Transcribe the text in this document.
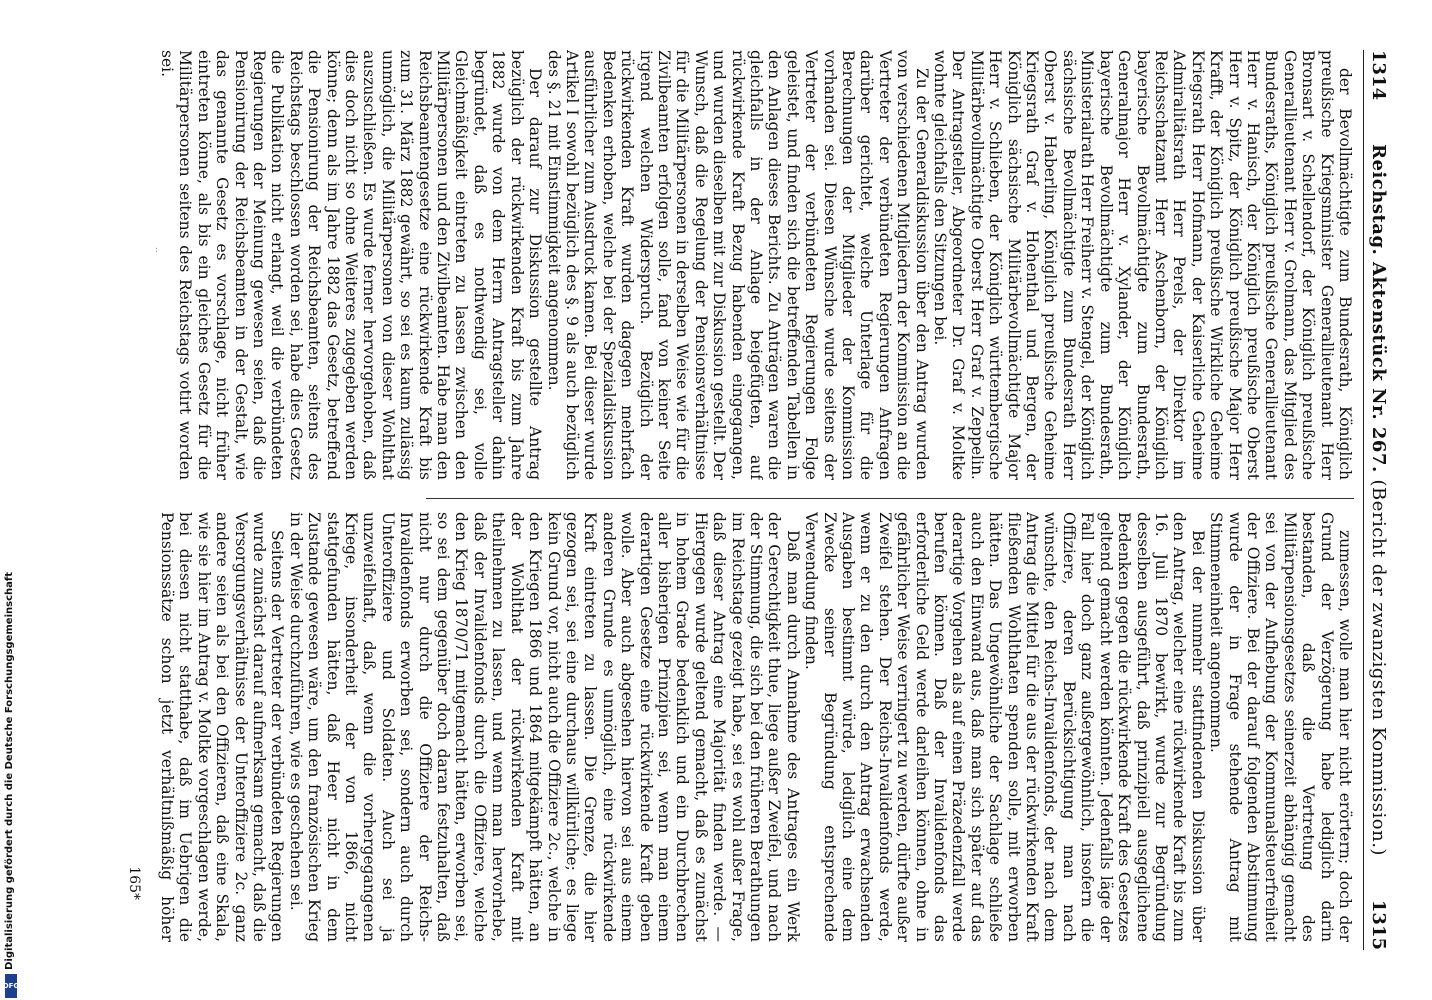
1314
Reichstag. Aktenstück Nr. 267. (Bericht der zwanzigsten Kommission.)
1315

der Bevollmächtigte zum Bundesrath, Königlich preußische Kriegsminister Generallieutenant Herr Bronsart v. Schellendorf, der Königlich preußische Generallieutenant Herr v. Grolmann, das Mitglied des Bundesraths, Königlich preußische Generallieutenant Herr v. Hanisch, der Königlich preußische Oberst Herr v. Spitz, der Königlich preußische Major Herr Krafft, der Königlich preußische Wirkliche Geheime Kriegsrath Herr Hofmann, der Kaiserliche Geheime Admiralitätsrath Herr Perels, der Direktor im Reichsschatzamt Herr Aschenborn, der Königlich bayerische Bevollmächtigte zum Bundesrath, Generalmajor Herr v. Xylander, der Königlich bayerische Bevollmächtigte zum Bundesrath, Ministerialrath Herr Freiherr v. Stengel, der Königlich sächsische Bevollmächtigte zum Bundesrath Herr Oberst v. Haberling, Königlich preußische Geheime Kriegsrath Graf v. Hohenthal und Bergen, der Königlich sächsische Militärbevollmächtigte Major Herr v. Schlieben, der Königlich württembergische Militärbevollmächtigte Oberst Herr Graf v. Zeppelin. Der Antragsteller, Abgeordneter Dr. Graf v. Moltke wohnte gleichfalls den Sitzungen bei.

Zu der Generaldiskussion über den Antrag wurden von verschiedenen Mitgliedern der Kommission an die Vertreter der verbündeten Regierungen Anfragen darüber gerichtet, welche Unterlage für die Berechnungen der Mitglieder der Kommission vorhanden sei. Diesen Wünsche wurde seitens der Vertreter der verbündeten Regierungen Folge geleistet, und finden sich die betreffenden Tabellen in den Anlagen dieses Berichts. Zu Anträgen waren die gleichfalls in der Anlage beigefügten, auf rückwirkende Kraft Bezug habenden eingegangen, und wurden dieselben mit zur Diskussion gestellt. Der Wunsch, daß die Regelung der Pensionsverhältnisse für die Militärpersonen in derselben Weise wie für die Zivilbeamten erfolgen solle, fand von keiner Seite irgend welchen Widerspruch. Bezüglich der rückwirkenden Kraft wurden dagegen mehrfach Bedenken erhoben, welche bei der Spezialdiskussion ausführlicher zum Ausdruck kamen. Bei dieser wurde Artikel I sowohl bezüglich des §. 9 als auch bezüglich des §. 21 mit Einstimmigkeit angenommen.

Der darauf zur Diskussion gestellte Antrag bezüglich der rückwirkenden Kraft bis zum Jahre 1882 wurde von dem Herrn Antragsteller dahin begründet, daß es nothwendig sei, volle Gleichmäßigkeit eintreten zu lassen zwischen den Militärpersonen und den Zivilbeamten. Habe man den Reichsbeamtengesetze eine rückwirkende Kraft bis zum 31. März 1882 gewährt, so sei es kaum zulässig unmöglich, die Militärpersonen von dieser Wohlthat auszuschließen. Es wurde ferner hervorgehoben, daß dies doch nicht so ohne Weiteres zugegeben werden könne; denn als im Jahre 1882 das Gesetz, betreffend die Pensionirung der Reichsbeamten, seitens des Reichstags beschlossen worden sei, habe dies Gesetz die Publikation nicht erlangt, weil die verbündeten Regierungen der Meinung gewesen seien, daß die Pensionirung der Reichsbeamten in der Gestalt, wie das genannte Gesetz es vorschlage, nicht früher eintreten könne, als bis ein gleiches Gesetz für die Militärpersonen seitens des Reichstags votirt worden sei.

zumessen, wolle man hier nicht erörtern; doch der Grund der Verzögerung habe lediglich darin bestanden, daß die Vertretung des Militärpensionsgesetzes seinerzeit abhängig gemacht sei von der Aufhebung der Kommunalsteuerfreiheit der Offiziere. Bei der darauf folgenden Abstimmung wurde der in Frage stehende Antrag mit Stimmeneinheit angenommen.

Bei der nunmehr stattfindenden Diskussion über den Antrag, welcher eine rückwirkende Kraft bis zum 16. Juli 1870 bewirkt, wurde zur Begründung desselben ausgeführt, daß prinzipiell ausgeglichene Bedenken gegen die rückwirkende Kraft des Gesetzes geltend gemacht werden könnten. Jedenfalls läge der Fall hier doch ganz außergewöhnlich, insofern die Offiziere, deren Berücksichtigung man nach wünschte, den Reichs-Invalidenfonds, der nach dem Antrag die Mittel für die aus der rückwirkenden Kraft fließenden Wohlthaten spenden solle, mit erworben hätten. Das Ungewöhnliche der Sachlage schließe auch den Einwand aus, daß man sich später auf das derartige Vorgehen als auf einen Präzedenzfall werde berufen können. Daß der Invalidenfonds das erforderliche Geld werde darleihen können, ohne in gefährlicher Weise verringert zu werden, dürfte außer Zweifel stehen. Der Reichs-Invalidenfonds werde, wenn er zu den durch den Antrag erwachsenden Ausgaben bestimmt würde, lediglich eine dem Zwecke seiner Begründung entsprechende Verwendung finden.

Daß man durch Annahme des Antrages ein Werk der Gerechtigkeit thue, liege außer Zweifel, und nach der Stimmung, die sich bei den früheren Berathungen im Reichstage gezeigt habe, sei es wohl außer Frage, daß dieser Antrag eine Majorität finden werde. — Hiergegen wurde geltend gemacht, daß es zunächst in hohem Grade bedenklich und ein Durchbrechen aller bisherigen Prinzipien sei, wenn man einem derartigen Gesetze eine rückwirkende Kraft geben wolle. Aber auch abgesehen hiervon sei aus einem anderen Grunde es unmöglich, eine rückwirkende Kraft eintreten zu lassen. Die Grenze, die hier gezogen sei, sei eine durchaus willkürliche; es liege kein Grund vor, nicht auch die Offiziere 2c., welche in den Kriegen 1866 und 1864 mitgekämpft hätten, an der Wohlthat der rückwirkenden Kraft mit theilnehmen zu lassen, und wenn man hervorhebe, daß der Invalidenfonds durch die Offiziere, welche den Krieg 1870/71 mitgemacht hätten, erworben sei, so sei dem gegenüber doch daran festzuhalten, daß nicht nur durch die Offiziere der Reichs-Invalidenfonds erworben sei, sondern auch durch Unteroffiziere und Soldaten. Auch sei ja unzweifelhaft, daß, wenn die vorhergegangenen Kriege, insonderheit der von 1866, nicht stattgefunden hätten, daß Heer nicht in dem Zustande gewesen wäre, um den französischen Krieg in der Weise durchzuführen, wie es geschehen sei.

Seitens der Vertreter der verbündeten Regierungen wurde zunächst darauf aufmerksam gemacht, daß die Versorgungsverhältnisse der Unteroffiziere 2c. ganz andere seien als bei den Offizieren, daß eine Skala, wie sie hier im Antrag v. Moltke vorgeschlagen werde, bei diesen nicht statthabe, daß im Uebrigen die Pensionssätze schon jetzt verhältnißmäßig höher

165*
Digitalisierung gefördert durch die Deutsche Forschungsgemeinschaft
DFG
